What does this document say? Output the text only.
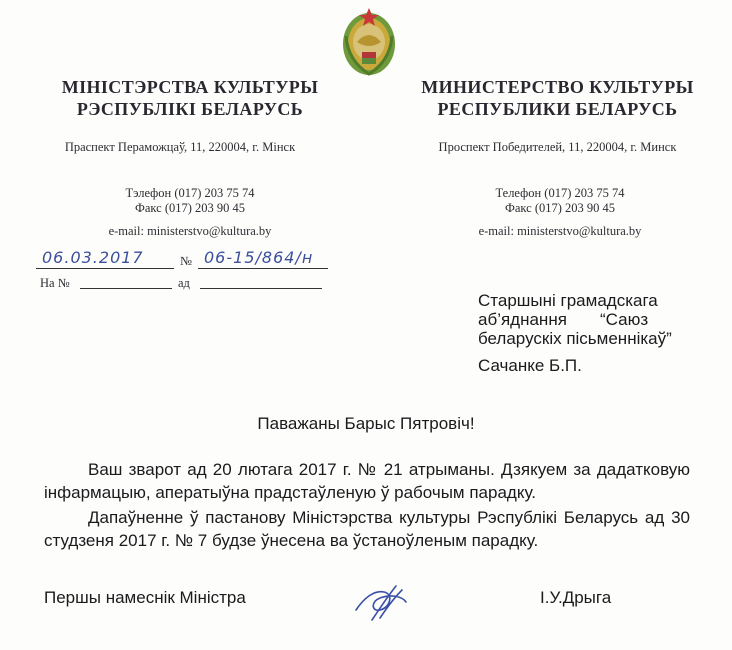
МІНІСТЭРСТВА КУЛЬТУРЫ
РЭСПУБЛІКІ БЕЛАРУСЬ
Праспект Пераможцаў, 11, 220004, г. Мінск
Тэлефон (017) 203 75 74
Факс (017) 203 90 45
e-mail: ministerstvo@kultura.by
МИНИСТЕРСТВО КУЛЬТУРЫ
РЕСПУБЛИКИ БЕЛАРУСЬ
Проспект Победителей, 11, 220004, г. Минск
Телефон (017) 203 75 74
Факс (017) 203 90 45
e-mail: ministerstvo@kultura.by
06.03.2017	№ 06-15/864/н
На №	ад
Старшыні грамадскага
аб’яднання       “Саюз
беларускіх пісьменнікаў”
Сачанке Б.П.
Паважаны Барыс Пятровіч!
Ваш зварот ад 20 лютага 2017 г. № 21 атрыманы. Дзякуем за дадатковую інфармацыю, аператыўна прадстаўленую ў рабочым парадку.
Дапаўненне ў пастанову Міністэрства культуры Рэспублікі Беларусь ад 30 студзеня 2017 г. № 7 будзе ўнесена ва ўстаноўленым парадку.
Першы намеснік Міністра	І.У.Дрыга
